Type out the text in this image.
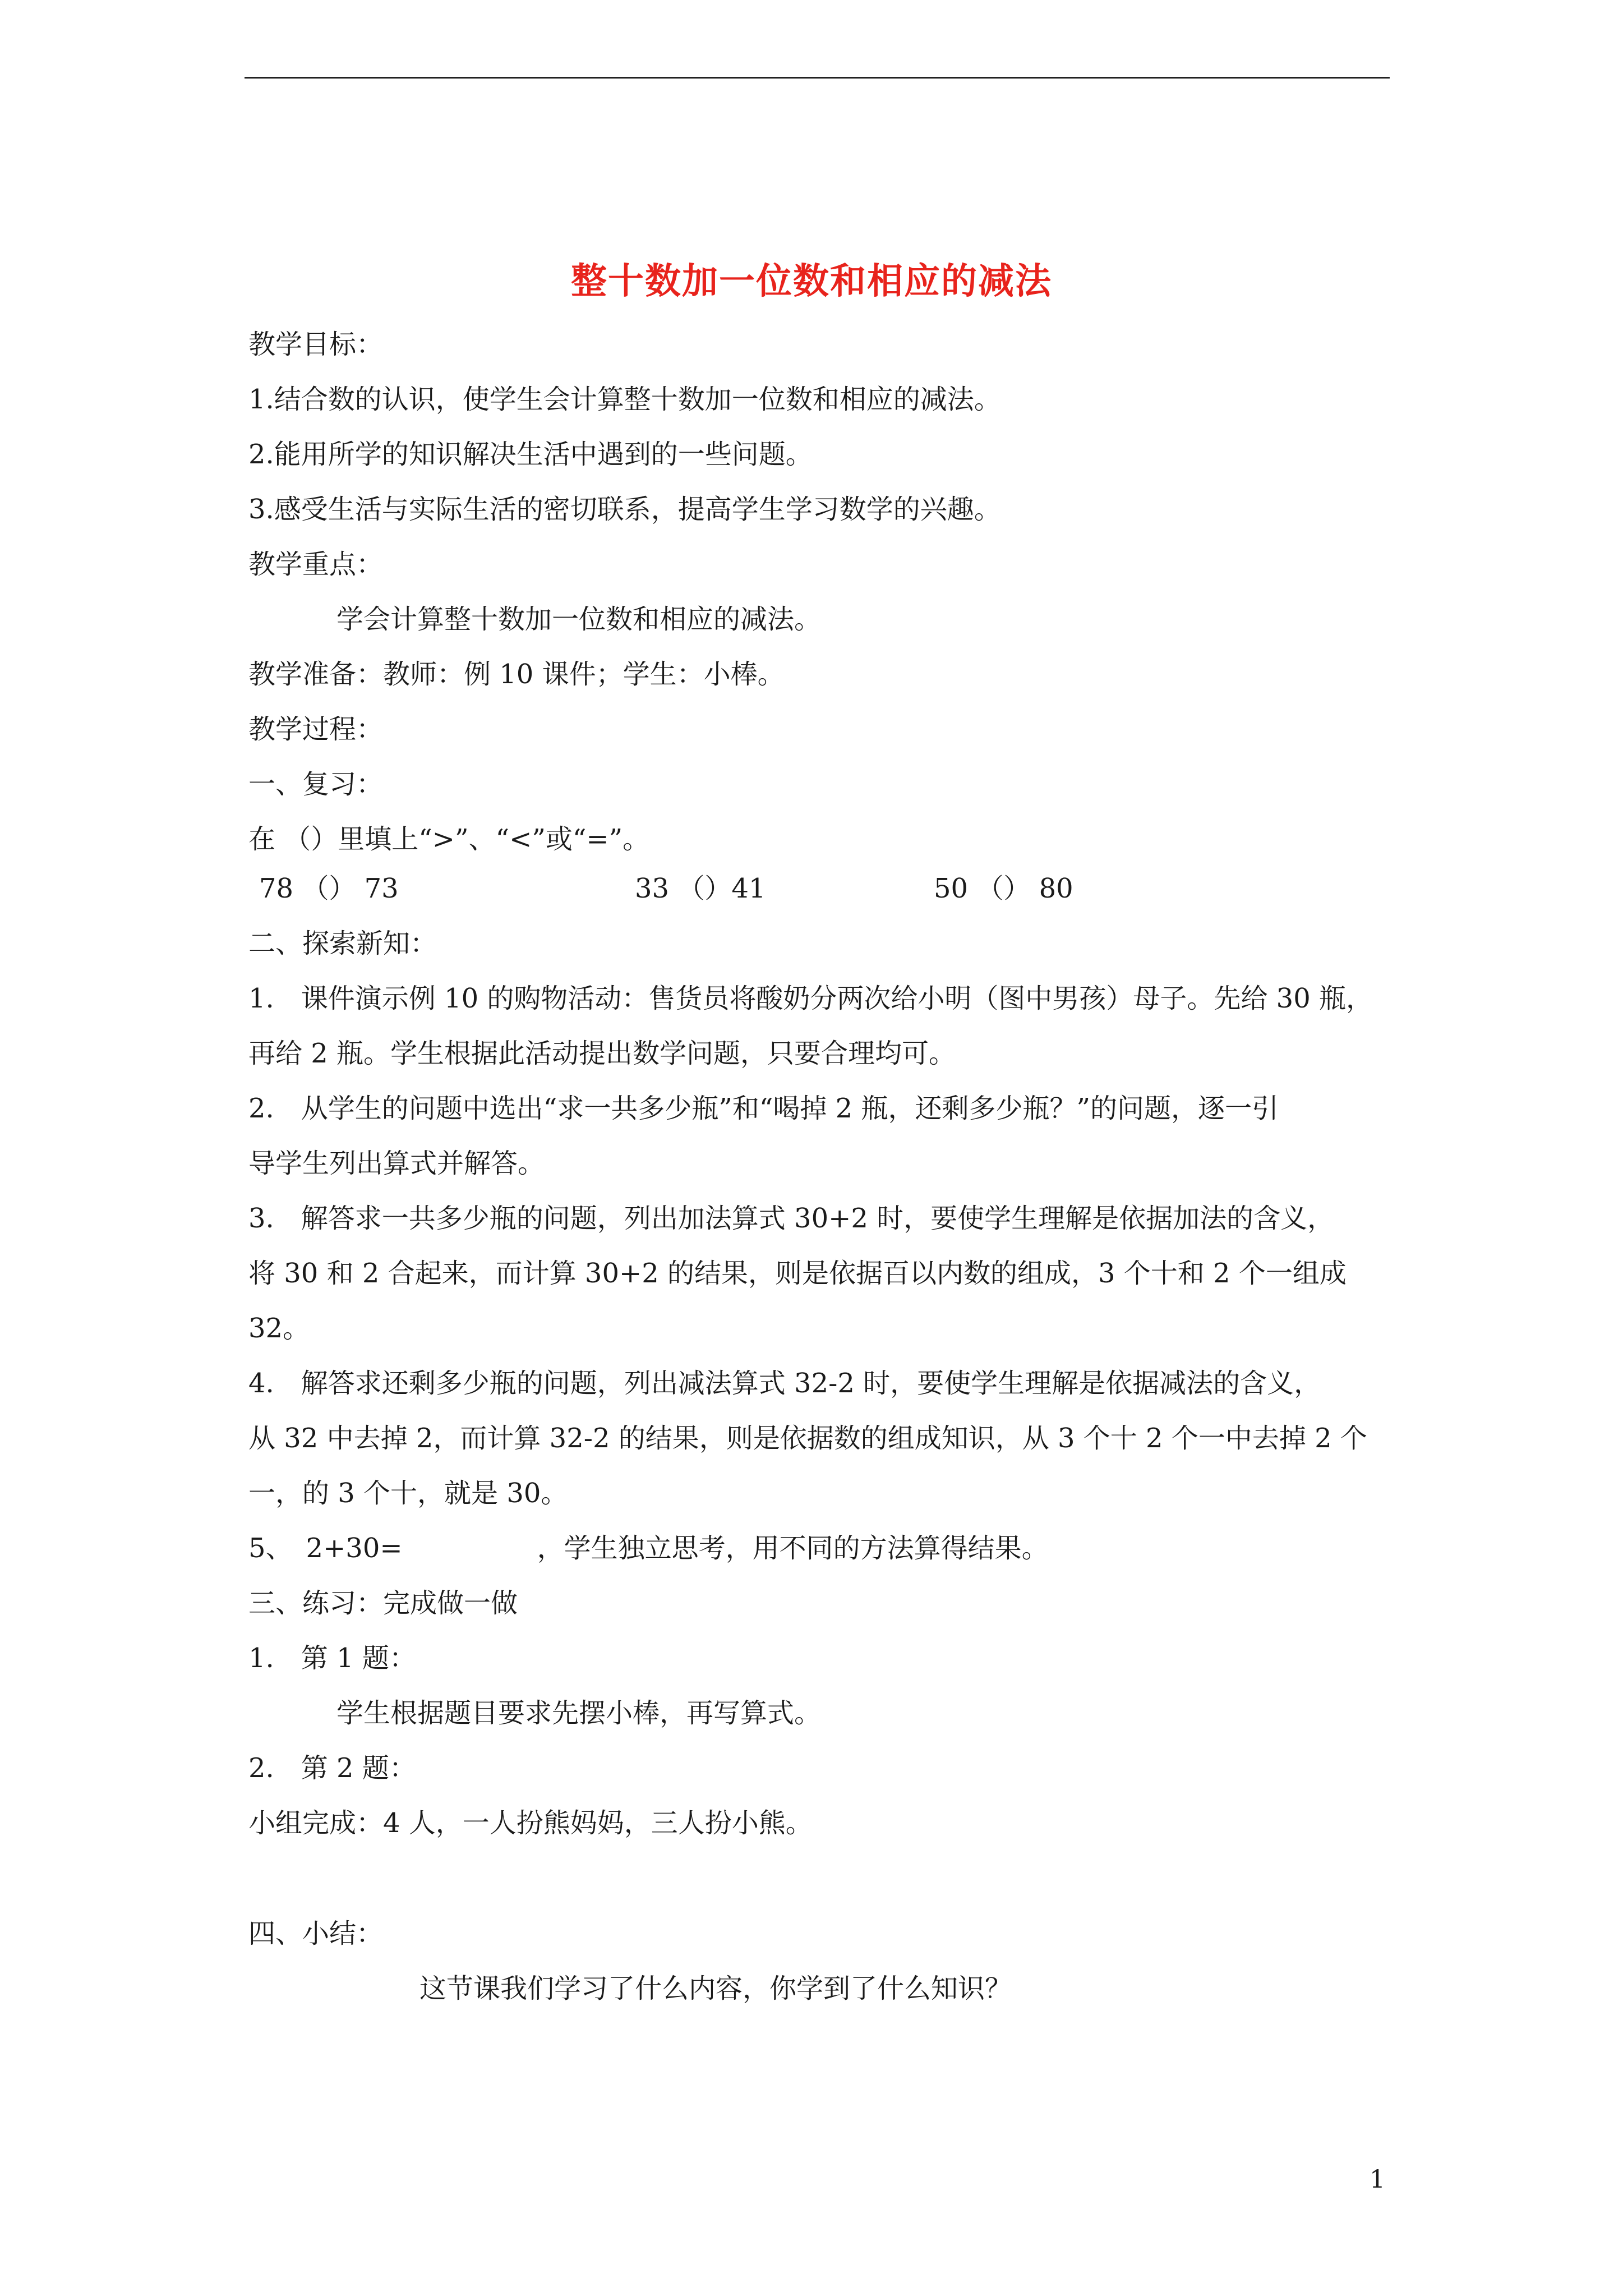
整十数加一位数和相应的减法
教学目标：
1.结合数的认识，使学生会计算整十数加一位数和相应的减法。
2.能用所学的知识解决生活中遇到的一些问题。
3.感受生活与实际生活的密切联系，提高学生学习数学的兴趣。
教学重点：
学会计算整十数加一位数和相应的减法。
教学准备：教师：例 10 课件；学生：小棒。
教学过程：
一、复习：
在 （）里填上“>”、“<”或“=”。
78 （） 73	33 （）41	50 （） 80
二、探索新知：
1.　课件演示例 10 的购物活动：售货员将酸奶分两次给小明（图中男孩）母子。先给 30 瓶，
再给 2 瓶。学生根据此活动提出数学问题，只要合理均可。
2.　从学生的问题中选出“求一共多少瓶”和“喝掉 2 瓶，还剩多少瓶？”的问题，逐一引
导学生列出算式并解答。
3.　解答求一共多少瓶的问题，列出加法算式 30+2 时，要使学生理解是依据加法的含义，
将 30 和 2 合起来，而计算 30+2 的结果，则是依据百以内数的组成，3 个十和 2 个一组成
32。
4.　解答求还剩多少瓶的问题，列出减法算式 32-2 时，要使学生理解是依据减法的含义，
从 32 中去掉 2，而计算 32-2 的结果，则是依据数的组成知识，从 3 个十 2 个一中去掉 2 个
一，的 3 个十，就是 30。
5、　2+30=　　　　　，学生独立思考，用不同的方法算得结果。
三、练习：完成做一做
1.　第 1 题：
学生根据题目要求先摆小棒，再写算式。
2.　第 2 题：
小组完成：4 人，一人扮熊妈妈，三人扮小熊。
四、小结：
这节课我们学习了什么内容，你学到了什么知识？
1
